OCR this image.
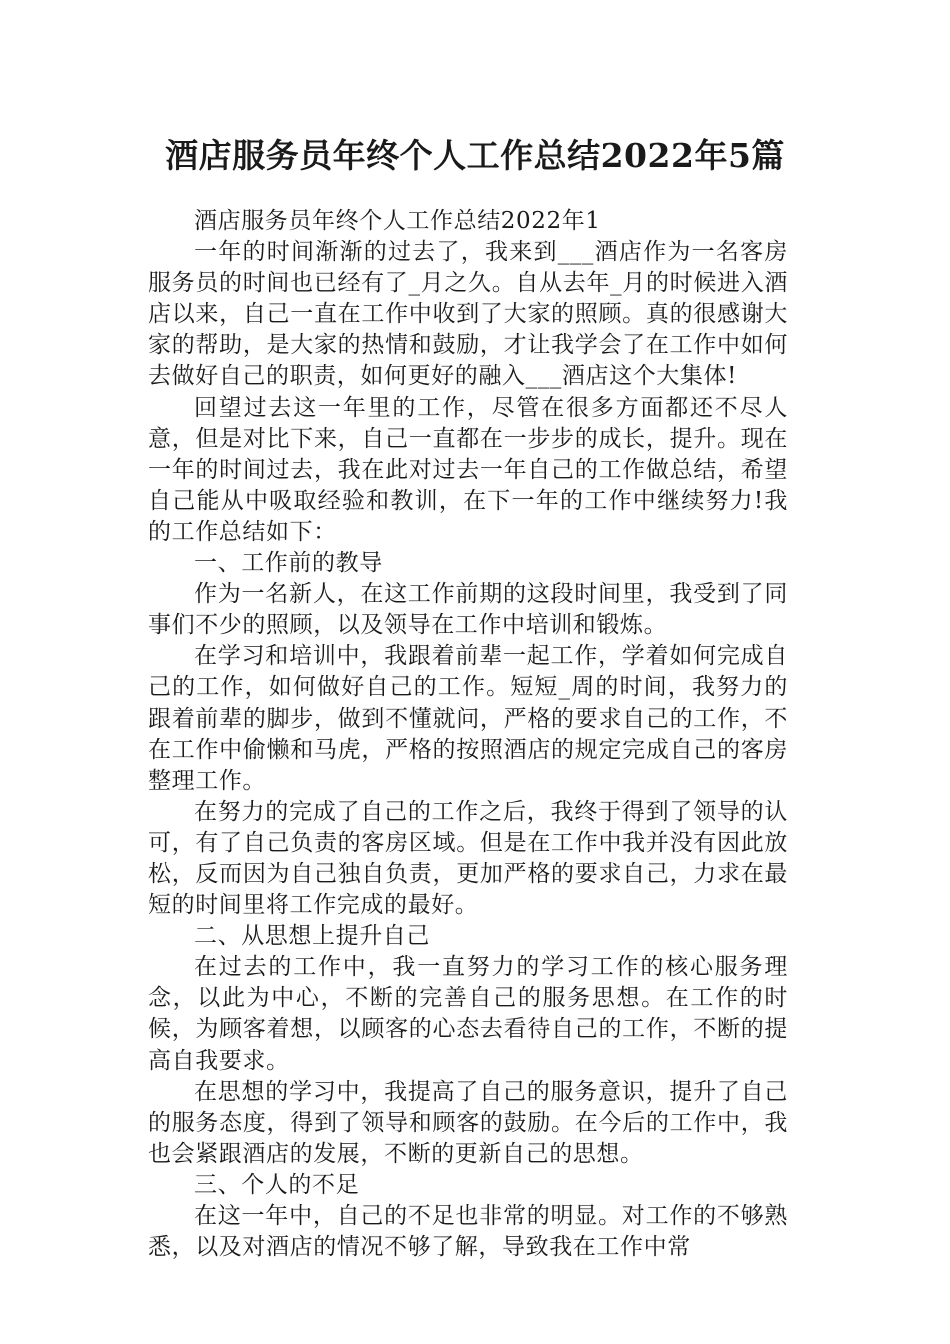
酒店服务员年终个人工作总结2022年5篇

酒店服务员年终个人工作总结2022年1

一年的时间渐渐的过去了，我来到___酒店作为一名客房服务员的时间也已经有了_月之久。自从去年_月的时候进入酒店以来，自己一直在工作中收到了大家的照顾。真的很感谢大家的帮助，是大家的热情和鼓励，才让我学会了在工作中如何去做好自己的职责，如何更好的融入___酒店这个大集体!

回望过去这一年里的工作，尽管在很多方面都还不尽人意，但是对比下来，自己一直都在一步步的成长，提升。现在一年的时间过去，我在此对过去一年自己的工作做总结，希望自己能从中吸取经验和教训，在下一年的工作中继续努力!我的工作总结如下：

一、工作前的教导

作为一名新人，在这工作前期的这段时间里，我受到了同事们不少的照顾，以及领导在工作中培训和锻炼。

在学习和培训中，我跟着前辈一起工作，学着如何完成自己的工作，如何做好自己的工作。短短_周的时间，我努力的跟着前辈的脚步，做到不懂就问，严格的要求自己的工作，不在工作中偷懒和马虎，严格的按照酒店的规定完成自己的客房整理工作。

在努力的完成了自己的工作之后，我终于得到了领导的认可，有了自己负责的客房区域。但是在工作中我并没有因此放松，反而因为自己独自负责，更加严格的要求自己，力求在最短的时间里将工作完成的最好。

二、从思想上提升自己

在过去的工作中，我一直努力的学习工作的核心服务理念，以此为中心，不断的完善自己的服务思想。在工作的时候，为顾客着想，以顾客的心态去看待自己的工作，不断的提高自我要求。

在思想的学习中，我提高了自己的服务意识，提升了自己的服务态度，得到了领导和顾客的鼓励。在今后的工作中，我也会紧跟酒店的发展，不断的更新自己的思想。

三、个人的不足

在这一年中，自己的不足也非常的明显。对工作的不够熟悉，以及对酒店的情况不够了解，导致我在工作中常
